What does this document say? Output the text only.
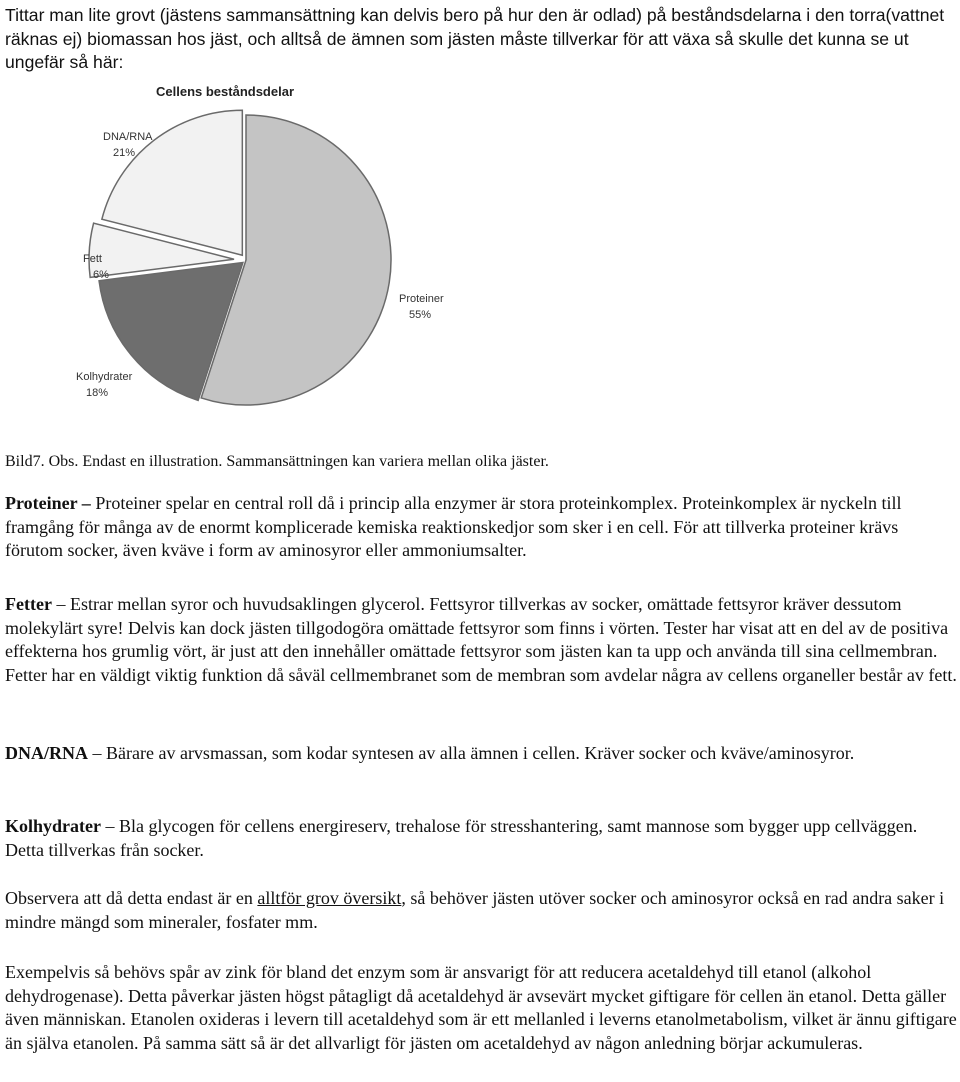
Tittar man lite grovt (jästens sammansättning kan delvis bero på hur den är odlad) på beståndsdelarna i den torra(vattnet räknas ej) biomassan hos jäst, och alltså de ämnen som jästen måste tillverkar för att växa så skulle det kunna se ut ungefär så här:
Cellens beståndsdelar
Proteiner
55%
Kolhydrater
18%
Fett
6%
DNA/RNA
21%
Bild7. Obs. Endast en illustration. Sammansättningen kan variera mellan olika jäster.
Proteiner – Proteiner spelar en central roll då i princip alla enzymer är stora proteinkomplex. Proteinkomplex är nyckeln till framgång för många av de enormt komplicerade kemiska reaktionskedjor som sker i en cell. För att tillverka proteiner krävs förutom socker, även kväve i form av aminosyror eller ammoniumsalter.
Fetter – Estrar mellan syror och huvudsaklingen glycerol. Fettsyror tillverkas av socker, omättade fettsyror kräver dessutom molekylärt syre! Delvis kan dock jästen tillgodogöra omättade fettsyror som finns i vörten. Tester har visat att en del av de positiva effekterna hos grumlig vört, är just att den innehåller omättade fettsyror som jästen kan ta upp och använda till sina cellmembran. Fetter har en väldigt viktig funktion då såväl cellmembranet som de membran som avdelar några av cellens organeller består av fett.
DNA/RNA – Bärare av arvsmassan, som kodar syntesen av alla ämnen i cellen. Kräver socker och kväve/aminosyror.
Kolhydrater – Bla glycogen för cellens energireserv, trehalose för stresshantering, samt mannose som bygger upp cellväggen. Detta tillverkas från socker.
Observera att då detta endast är en alltför grov översikt, så behöver jästen utöver socker och aminosyror också en rad andra saker i mindre mängd som mineraler, fosfater mm.
Exempelvis så behövs spår av zink för bland det enzym som är ansvarigt för att reducera acetaldehyd till etanol (alkohol dehydrogenase). Detta påverkar jästen högst påtagligt då acetaldehyd är avsevärt mycket giftigare för cellen än etanol. Detta gäller även människan. Etanolen oxideras i levern till acetaldehyd som är ett mellanled i leverns etanolmetabolism, vilket är ännu giftigare än själva etanolen. På samma sätt så är det allvarligt för jästen om acetaldehyd av någon anledning börjar ackumuleras.
